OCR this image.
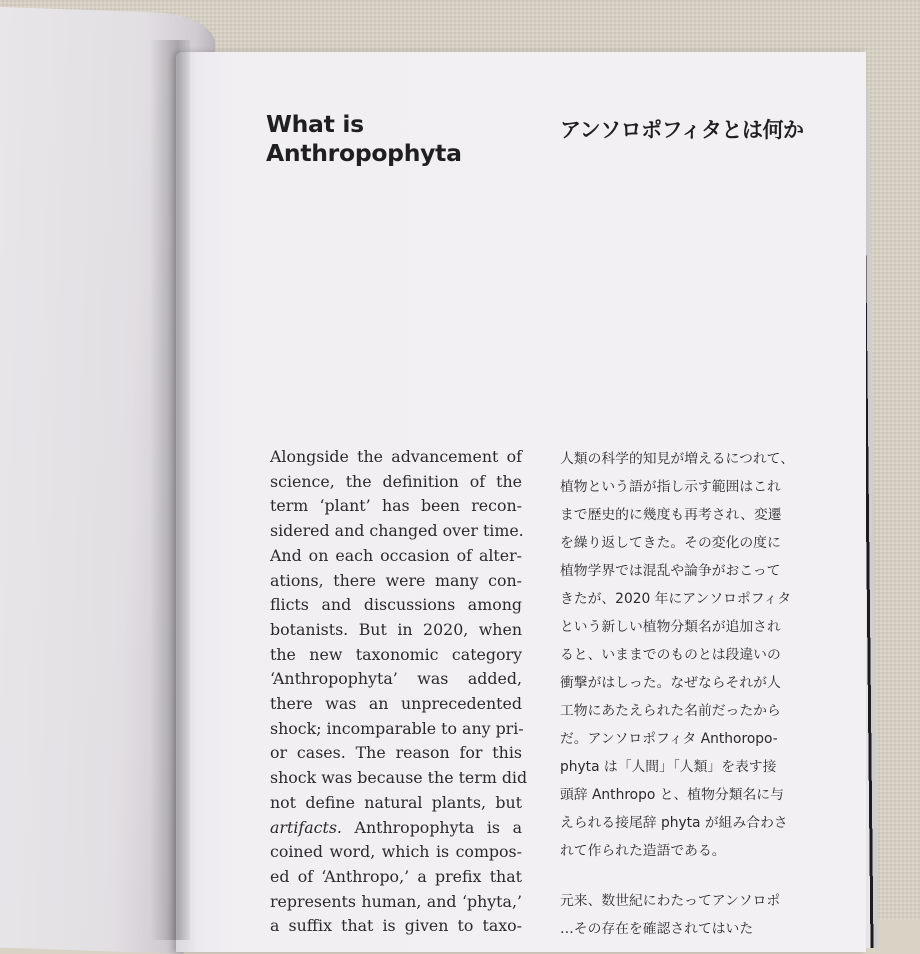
What is
Anthropophyta
アンソロポフィタとは何か
Alongside the advancement of
science, the definition of the
term ‘plant’ has been recon-
sidered and changed over time.
And on each occasion of alter-
ations, there were many con-
flicts and discussions among
botanists. But in 2020, when
the new taxonomic category
‘Anthropophyta’ was added,
there was an unprecedented
shock; incomparable to any pri-
or cases. The reason for this
shock was because the term did
not define natural plants, but
artifacts. Anthropophyta is a
coined word, which is compos-
ed of ‘Anthropo,’ a prefix that
represents human, and ‘phyta,’
a suffix that is given to taxo-
人類の科学的知見が増えるにつれて、
植物という語が指し示す範囲はこれ
まで歴史的に幾度も再考され、変遷
を繰り返してきた。その変化の度に
植物学界では混乱や論争がおこって
きたが、2020 年にアンソロポフィタ
という新しい植物分類名が追加され
ると、いままでのものとは段違いの
衝撃がはしった。なぜならそれが人
工物にあたえられた名前だったから
だ。アンソロポフィタ Anthoropo-
phyta は「人間」「人類」を表す接
頭辞 Anthropo と、植物分類名に与
えられる接尾辞 phyta が組み合わさ
れて作られた造語である。
元来、数世紀にわたってアンソロポ
…その存在を確認されてはいた
